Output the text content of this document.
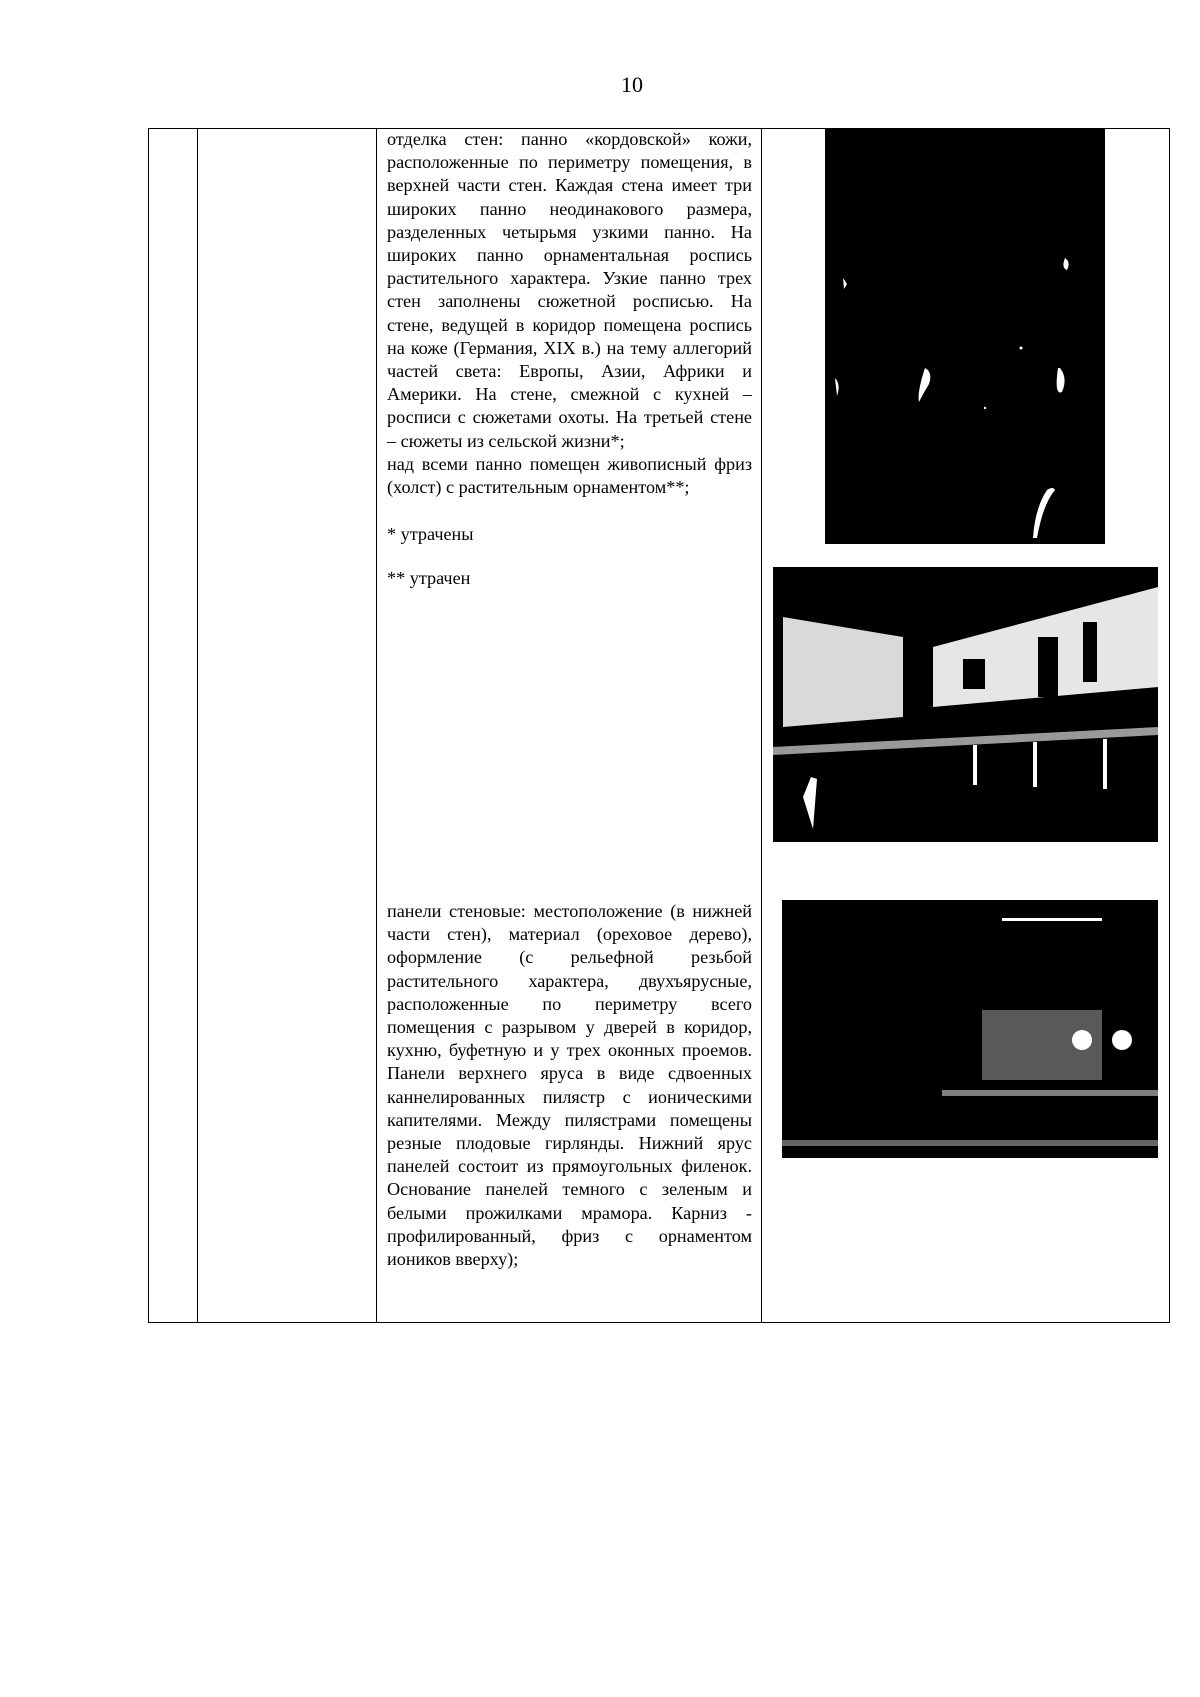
10

отделка стен: панно «кордовской» кожи, расположенные по периметру помещения, в верхней части стен. Каждая стена имеет три широких панно неодинакового размера, разделенных четырьмя узкими панно. На широких панно орнаментальная роспись растительного характера. Узкие панно трех стен заполнены сюжетной росписью. На стене, ведущей в коридор помещена роспись на коже (Германия, XIX в.) на тему аллегорий частей света: Европы, Азии, Африки и Америки. На стене, смежной с кухней – росписи с сюжетами охоты. На третьей стене – сюжеты из сельской жизни*;

над всеми панно помещен живописный фриз (холст) с растительным орнаментом**;

* утрачены

** утрачен

панели стеновые: местоположение (в нижней части стен), материал (ореховое дерево), оформление (с рельефной резьбой растительного характера, двухъярусные, расположенные по периметру всего помещения с разрывом у дверей в коридор, кухню, буфетную и у трех оконных проемов. Панели верхнего яруса в виде сдвоенных каннелированных пилястр с ионическими капителями. Между пилястрами помещены резные плодовые гирлянды. Нижний ярус панелей состоит из прямоугольных филенок. Основание панелей темного с зеленым и белыми прожилками мрамора. Карниз - профилированный, фриз с орнаментом иоников вверху);
